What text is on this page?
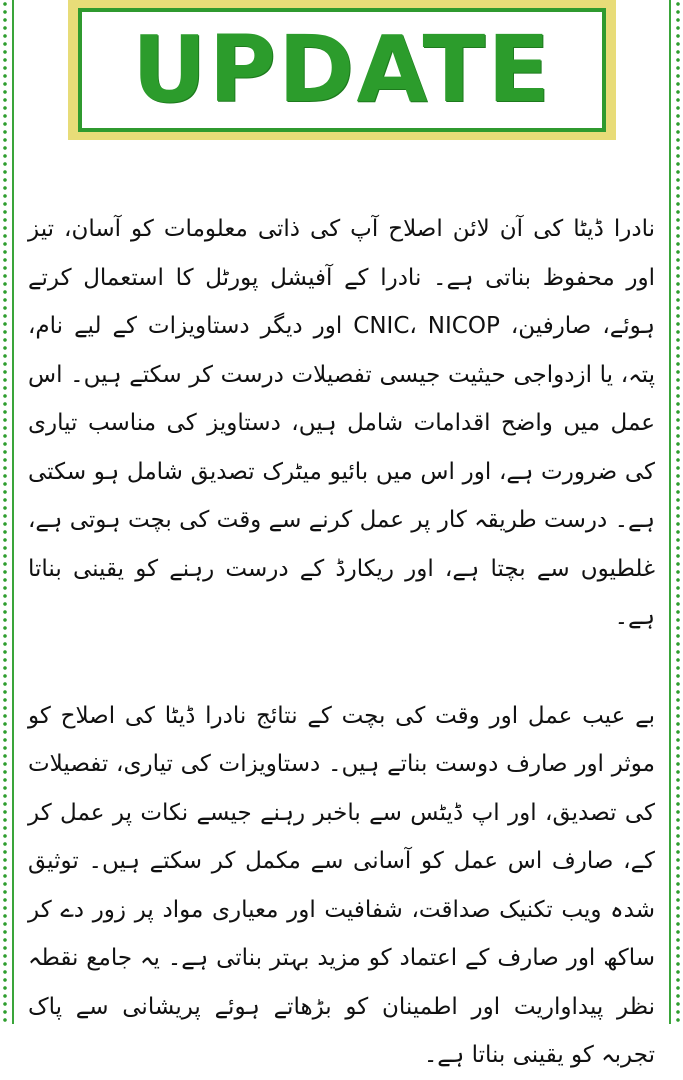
UPDATE

نادرا ڈیٹا کی آن لائن اصلاح آپ کی ذاتی معلومات کو آسان، تیز اور محفوظ بناتی ہے۔ نادرا کے آفیشل پورٹل کا استعمال کرتے ہوئے، صارفین، CNIC، NICOP اور دیگر دستاویزات کے لیے نام، پتہ، یا ازدواجی حیثیت جیسی تفصیلات درست کر سکتے ہیں۔ اس عمل میں واضح اقدامات شامل ہیں، دستاویز کی مناسب تیاری کی ضرورت ہے، اور اس میں بائیو میٹرک تصدیق شامل ہو سکتی ہے۔ درست طریقہ کار پر عمل کرنے سے وقت کی بچت ہوتی ہے، غلطیوں سے بچتا ہے، اور ریکارڈ کے درست رہنے کو یقینی بناتا ہے۔

بے عیب عمل اور وقت کی بچت کے نتائج نادرا ڈیٹا کی اصلاح کو موثر اور صارف دوست بناتے ہیں۔ دستاویزات کی تیاری، تفصیلات کی تصدیق، اور اپ ڈیٹس سے باخبر رہنے جیسے نکات پر عمل کر کے، صارف اس عمل کو آسانی سے مکمل کر سکتے ہیں۔ توثیق شدہ ویب تکنیک صداقت، شفافیت اور معیاری مواد پر زور دے کر ساکھ اور صارف کے اعتماد کو مزید بہتر بناتی ہے۔ یہ جامع نقطہ نظر پیداواریت اور اطمینان کو بڑھاتے ہوئے پریشانی سے پاک تجربہ کو یقینی بناتا ہے۔
